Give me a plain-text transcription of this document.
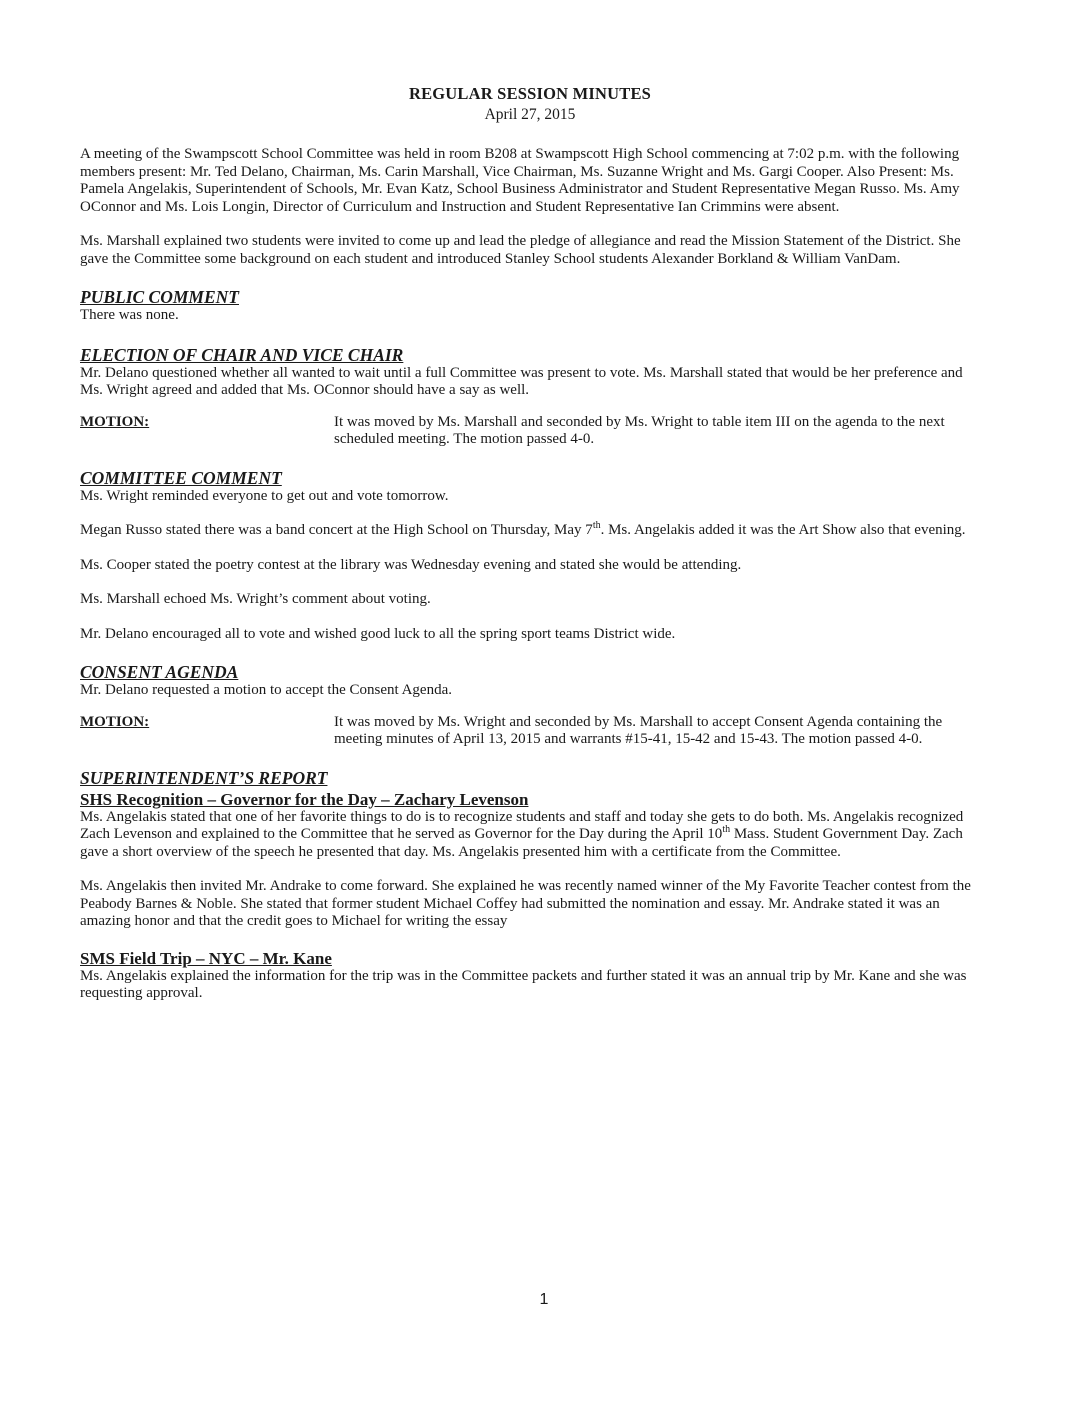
REGULAR SESSION MINUTES
April 27, 2015

A meeting of the Swampscott School Committee was held in room B208 at Swampscott High School commencing at 7:02 p.m. with the following members present: Mr. Ted Delano, Chairman, Ms. Carin Marshall, Vice Chairman, Ms. Suzanne Wright and Ms. Gargi Cooper. Also Present: Ms. Pamela Angelakis, Superintendent of Schools, Mr. Evan Katz, School Business Administrator and Student Representative Megan Russo. Ms. Amy OConnor and Ms. Lois Longin, Director of Curriculum and Instruction and Student Representative Ian Crimmins were absent.

Ms. Marshall explained two students were invited to come up and lead the pledge of allegiance and read the Mission Statement of the District. She gave the Committee some background on each student and introduced Stanley School students Alexander Borkland & William VanDam.

PUBLIC COMMENT

There was none.

ELECTION OF CHAIR AND VICE CHAIR

Mr. Delano questioned whether all wanted to wait until a full Committee was present to vote. Ms. Marshall stated that would be her preference and Ms. Wright agreed and added that Ms. OConnor should have a say as well.

MOTION:	It was moved by Ms. Marshall and seconded by Ms. Wright to table item III on the agenda to the next scheduled meeting. The motion passed 4-0.
COMMITTEE COMMENT

Ms. Wright reminded everyone to get out and vote tomorrow.

Megan Russo stated there was a band concert at the High School on Thursday, May 7th. Ms. Angelakis added it was the Art Show also that evening.

Ms. Cooper stated the poetry contest at the library was Wednesday evening and stated she would be attending.

Ms. Marshall echoed Ms. Wright’s comment about voting.

Mr. Delano encouraged all to vote and wished good luck to all the spring sport teams District wide.

CONSENT AGENDA

Mr. Delano requested a motion to accept the Consent Agenda.

MOTION:	It was moved by Ms. Wright and seconded by Ms. Marshall to accept Consent Agenda containing the meeting minutes of April 13, 2015 and warrants #15-41, 15-42 and 15-43. The motion passed 4-0.
SUPERINTENDENT’S REPORT
SHS Recognition – Governor for the Day – Zachary Levenson

Ms. Angelakis stated that one of her favorite things to do is to recognize students and staff and today she gets to do both. Ms. Angelakis recognized Zach Levenson and explained to the Committee that he served as Governor for the Day during the April 10th Mass. Student Government Day. Zach gave a short overview of the speech he presented that day. Ms. Angelakis presented him with a certificate from the Committee.

Ms. Angelakis then invited Mr. Andrake to come forward. She explained he was recently named winner of the My Favorite Teacher contest from the Peabody Barnes & Noble. She stated that former student Michael Coffey had submitted the nomination and essay. Mr. Andrake stated it was an amazing honor and that the credit goes to Michael for writing the essay

SMS Field Trip – NYC – Mr. Kane

Ms. Angelakis explained the information for the trip was in the Committee packets and further stated it was an annual trip by Mr. Kane and she was requesting approval.

1
